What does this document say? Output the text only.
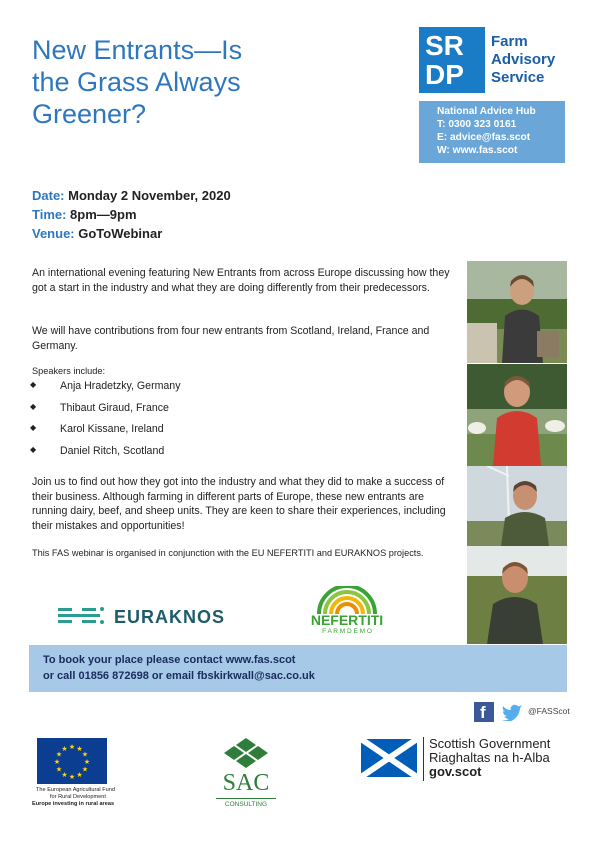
New Entrants—Is
the Grass Always
Greener?
SR
DP
Farm
Advisory
Service
National Advice Hub
T: 0300 323 0161
E: advice@fas.scot
W: www.fas.scot
Date: Monday 2 November, 2020
Time: 8pm—9pm
Venue: GoToWebinar
An international evening featuring New Entrants from across Europe discussing how they got a start in the industry and what they are doing differently from their predecessors.
We will have contributions from four new entrants from Scotland, Ireland, France and Germany.
Speakers include:
◆ Anja Hradetzky, Germany
◆ Thibaut Giraud, France
◆ Karol Kissane, Ireland
◆ Daniel Ritch, Scotland
Join us to find out how they got into the industry and what they did to make a success of their business. Although farming in different parts of Europe, these new entrants are running dairy, beef, and sheep units. They are keen to share their experiences, including their mistakes and opportunities!
This FAS webinar is organised in conjunction with the EU NEFERTITI and EURAKNOS projects.
EURAKNOS	NEFERTITI
F A R M D E M O
To book your place please contact www.fas.scot
or call 01856 872698 or email fbskirkwall@sac.co.uk
f	@FASScot
★ ★
★
★
★
★
★
★
★
★
★
★
The European Agricultural Fund
for Rural Development
Europe investing in rural areas
SAC
CONSULTING
Scottish Government
Riaghaltas na h-Alba
gov.scot
